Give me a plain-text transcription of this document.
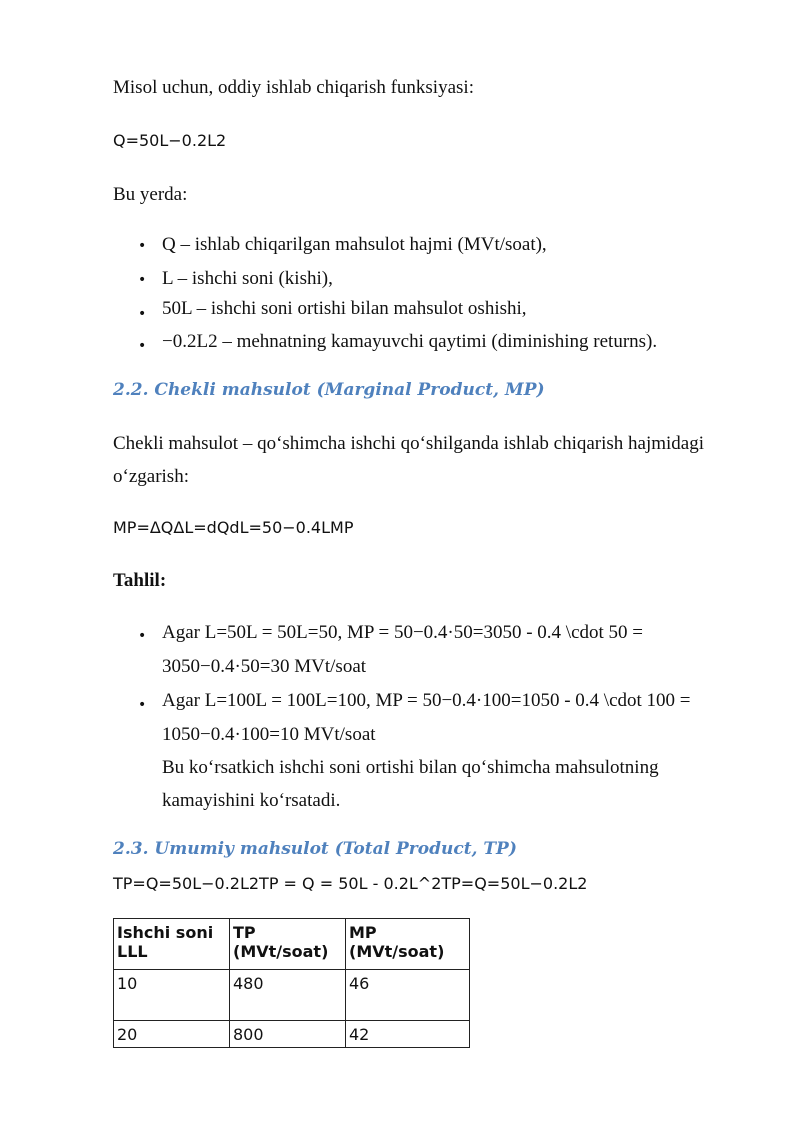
Misol uchun, oddiy ishlab chiqarish funksiyasi:
Q=50L−0.2L2
Bu yerda:
• Q – ishlab chiqarilgan mahsulot hajmi (MVt/soat),
• L – ishchi soni (kishi),
• 50L – ishchi soni ortishi bilan mahsulot oshishi,
• −0.2L2 – mehnatning kamayuvchi qaytimi (diminishing returns).
2.2. Chekli mahsulot (Marginal Product, MP)
Chekli mahsulot – qo‘shimcha ishchi qo‘shilganda ishlab chiqarish hajmidagi
o‘zgarish:
MP=ΔQΔL=dQdL=50−0.4LMP
Tahlil:
• Agar L=50L = 50L=50, MP = 50−0.4·50=3050 - 0.4 \cdot 50 =
3050−0.4·50=30 MVt/soat
• Agar L=100L = 100L=100, MP = 50−0.4·100=1050 - 0.4 \cdot 100 =
1050−0.4·100=10 MVt/soat
Bu ko‘rsatkich ishchi soni ortishi bilan qo‘shimcha mahsulotning
kamayishini ko‘rsatadi.
2.3. Umumiy mahsulot (Total Product, TP)
TP=Q=50L−0.2L2TP = Q = 50L - 0.2L^2TP=Q=50L−0.2L2
Ishchi soni LLL	TP (MVt/soat)	MP (MVt/soat)
10	480	46
20	800	42
